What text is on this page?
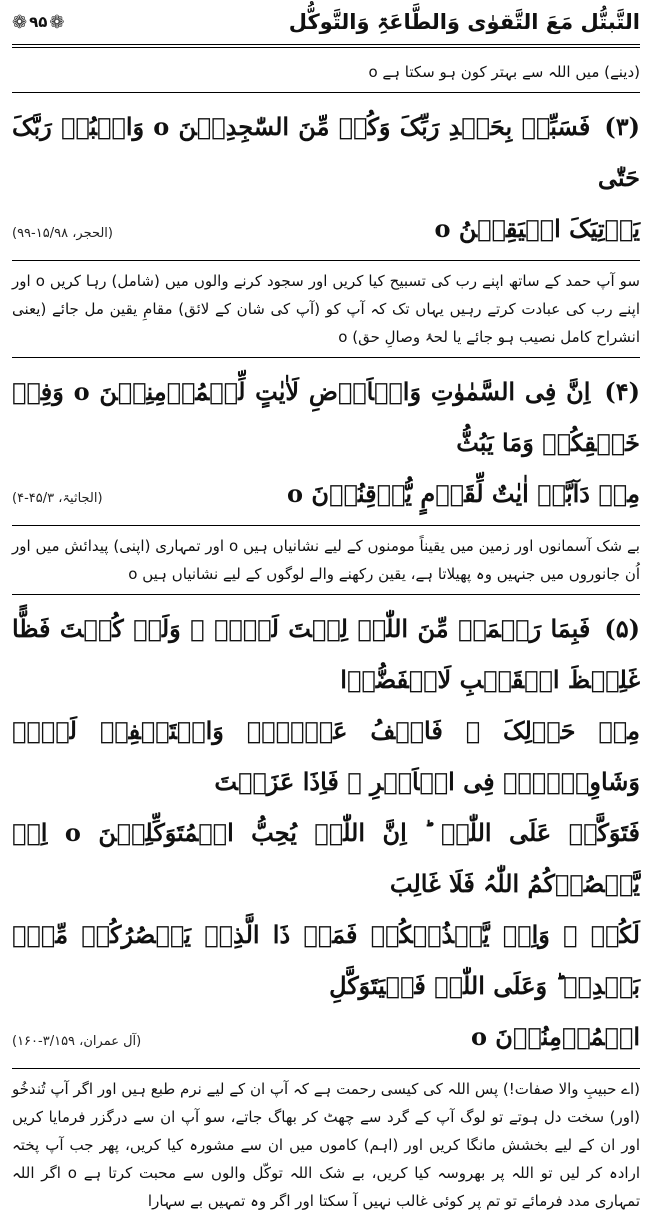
التَّبتُّل مَعَ التَّقوٰی وَالطَّاعَۃِ وَالتَّوکُّل
❁
۹۵
❁

(دینے) میں اللہ سے بہتر کون ہو سکتا ہے o

(۳)فَسَبِّحۡ بِحَمۡدِ رَبِّکَ وَکُنۡ مِّنَ السّٰجِدِیۡنَ o وَاعۡبُدۡ رَبَّکَ حَتّٰی

یَاۡتِیَکَ الۡیَقِیۡنُ o

(الحجر، ۱۵/۹۸-۹۹)

سو آپ حمد کے ساتھ اپنے رب کی تسبیح کیا کریں اور سجود کرنے والوں میں (شامل) رہا کریں o اور اپنے رب کی عبادت کرتے رہیں یہاں تک کہ آپ کو (آپ کی شان کے لائق) مقامِ یقین مل جائے (یعنی انشراح کامل نصیب ہو جائے یا لحۂ وصالِ حق) o

(۴)اِنَّ فِی السَّمٰوٰتِ وَالۡاَرۡضِ لَاٰیٰتٍ لِّلۡمُؤۡمِنِیۡنَ o وَفِیۡ خَلۡقِکُمۡ وَمَا یَبُثُّ

مِنۡ دَآبَّۃٍ اٰیٰتٌ لِّقَوۡمٍ یُّوۡقِنُوۡنَ o

(الجاثیۃ، ۴۵/۳-۴)

بے شک آسمانوں اور زمین میں یقیناً مومنوں کے لیے نشانیاں ہیں o اور تمہاری (اپنی) پیدائش میں اور اُن جانوروں میں جنہیں وہ پھیلاتا ہے، یقین رکھنے والے لوگوں کے لیے نشانیاں ہیں o

(۵)فَبِمَا رَحۡمَۃٍ مِّنَ اللّٰہِ لِنۡتَ لَہُمۡ ۚ وَلَوۡ کُنۡتَ فَظًّا غَلِیۡظَ الۡقَلۡبِ لَانۡفَضُّوۡا

مِنۡ حَوۡلِکَ ۪ فَاعۡفُ عَنۡہُمۡ وَاسۡتَغۡفِرۡ لَہُمۡ وَشَاوِرۡہُمۡ فِی الۡاَمۡرِ ۚ فَاِذَا عَزَمۡتَ

فَتَوَکَّلۡ عَلَی اللّٰہِ ؕ اِنَّ اللّٰہَ یُحِبُّ الۡمُتَوَکِّلِیۡنَ o اِنۡ یَّنۡصُرۡکُمُ اللّٰہُ فَلَا غَالِبَ

لَکُمۡ ۚ وَاِنۡ یَّخۡذُلۡکُمۡ فَمَنۡ ذَا الَّذِیۡ یَنۡصُرُکُمۡ مِّنۡۢ بَعۡدِہٖ ؕ وَعَلَی اللّٰہِ فَلۡیَتَوَکَّلِ

الۡمُؤۡمِنُوۡنَ o

(آل عمران، ۳/۱۵۹-۱۶۰)

(اے حبیبِ والا صفات!) پس اللہ کی کیسی رحمت ہے کہ آپ ان کے لیے نرم طبع ہیں اور اگر آپ تُندخُو (اور) سخت دل ہوتے تو لوگ آپ کے گرد سے چھٹ کر بھاگ جاتے، سو آپ ان سے درگزر فرمایا کریں اور ان کے لیے بخشش مانگا کریں اور (اہم) کاموں میں ان سے مشورہ کیا کریں، پھر جب آپ پختہ ارادہ کر لیں تو اللہ پر بھروسہ کیا کریں، بے شک اللہ توکّل والوں سے محبت کرتا ہے o اگر اللہ تمہاری مدد فرمائے تو تم پر کوئی غالب نہیں آ سکتا اور اگر وہ تمہیں بے سہارا
